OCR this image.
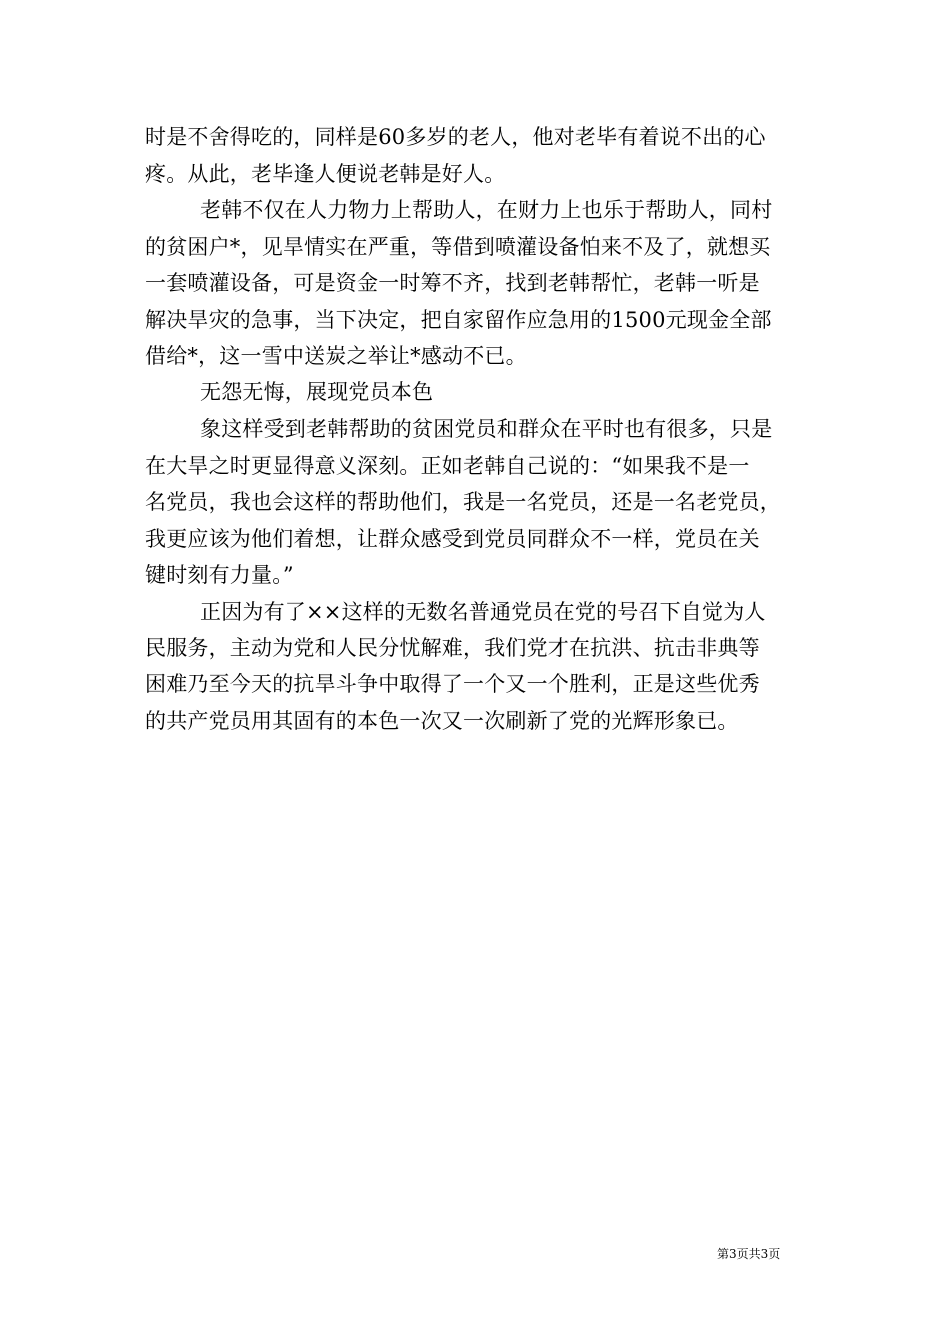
时是不舍得吃的，同样是60多岁的老人，他对老毕有着说不出的心
疼。从此，老毕逢人便说老韩是好人。
老韩不仅在人力物力上帮助人，在财力上也乐于帮助人，同村
的贫困户*，见旱情实在严重，等借到喷灌设备怕来不及了，就想买
一套喷灌设备，可是资金一时筹不齐，找到老韩帮忙，老韩一听是
解决旱灾的急事，当下决定，把自家留作应急用的1500元现金全部
借给*，这一雪中送炭之举让*感动不已。
无怨无悔，展现党员本色
象这样受到老韩帮助的贫困党员和群众在平时也有很多，只是
在大旱之时更显得意义深刻。正如老韩自己说的：“如果我不是一
名党员，我也会这样的帮助他们，我是一名党员，还是一名老党员，
我更应该为他们着想，让群众感受到党员同群众不一样，党员在关
键时刻有力量。”
正因为有了××这样的无数名普通党员在党的号召下自觉为人
民服务，主动为党和人民分忧解难，我们党才在抗洪、抗击非典等
困难乃至今天的抗旱斗争中取得了一个又一个胜利，正是这些优秀
的共产党员用其固有的本色一次又一次刷新了党的光辉形象已。
第3页共3页
